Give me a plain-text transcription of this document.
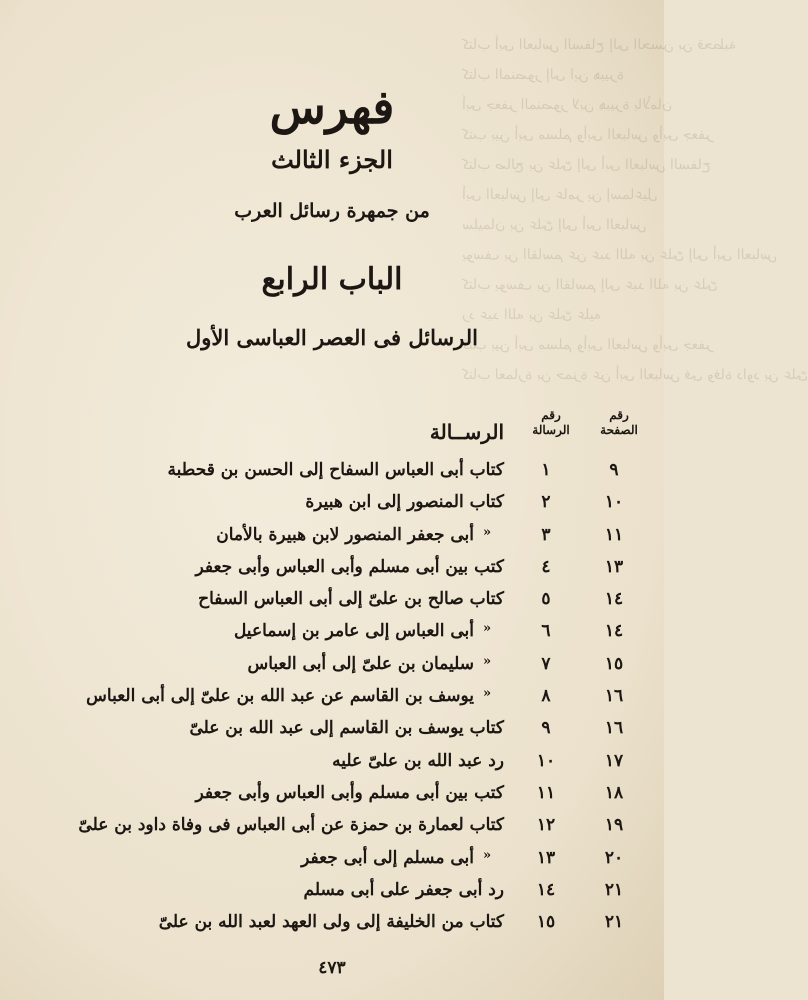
كتاب أبى العباس السفاح إلى الحسن بن قحطبة
كتاب المنصور إلى ابن هبيرة
أبى جعفر المنصور لابن هبيرة بالأمان
كتب بين أبى مسلم وأبى العباس وأبى جعفر
كتاب صالح بن علىّ إلى أبى العباس السفاح
أبى العباس إلى عامر بن إسماعيل
سليمان بن علىّ إلى أبى العباس
يوسف بن القاسم عن عبد الله بن علىّ إلى أبى العباس
كتاب يوسف بن القاسم إلى عبد الله بن علىّ
رد عبد الله بن علىّ عليه
كتب بين أبى مسلم وأبى العباس وأبى جعفر
كتاب لعمارة بن حمزة عن أبى العباس فى وفاة داود بن علىّ
فهرس
الجزء الثالث
من جمهرة رسائل العرب
الباب الرابع
الرسائل فى العصر العباسى الأول
رقم الصفحة
رقم الرسالة
الرســالة
٩
١
كتاب أبى العباس السفاح إلى الحسن بن قحطبة
١٠
٢
كتاب المنصور إلى ابن هبيرة
١١
٣
«
أبى جعفر المنصور لابن هبيرة بالأمان
١٣
٤
كتب بين أبى مسلم وأبى العباس وأبى جعفر
١٤
٥
كتاب صالح بن علىّ إلى أبى العباس السفاح
١٤
٦
«
أبى العباس إلى عامر بن إسماعيل
١٥
٧
«
سليمان بن علىّ إلى أبى العباس
١٦
٨
«
يوسف بن القاسم عن عبد الله بن علىّ إلى أبى العباس
١٦
٩
كتاب يوسف بن القاسم إلى عبد الله بن علىّ
١٧
١٠
رد عبد الله بن علىّ عليه
١٨
١١
كتب بين أبى مسلم وأبى العباس وأبى جعفر
١٩
١٢
كتاب لعمارة بن حمزة عن أبى العباس فى وفاة داود بن علىّ
٢٠
١٣
«
أبى مسلم إلى أبى جعفر
٢١
١٤
رد أبى جعفر على أبى مسلم
٢١
١٥
كتاب من الخليفة إلى ولى العهد لعبد الله بن علىّ
٤٧٣
